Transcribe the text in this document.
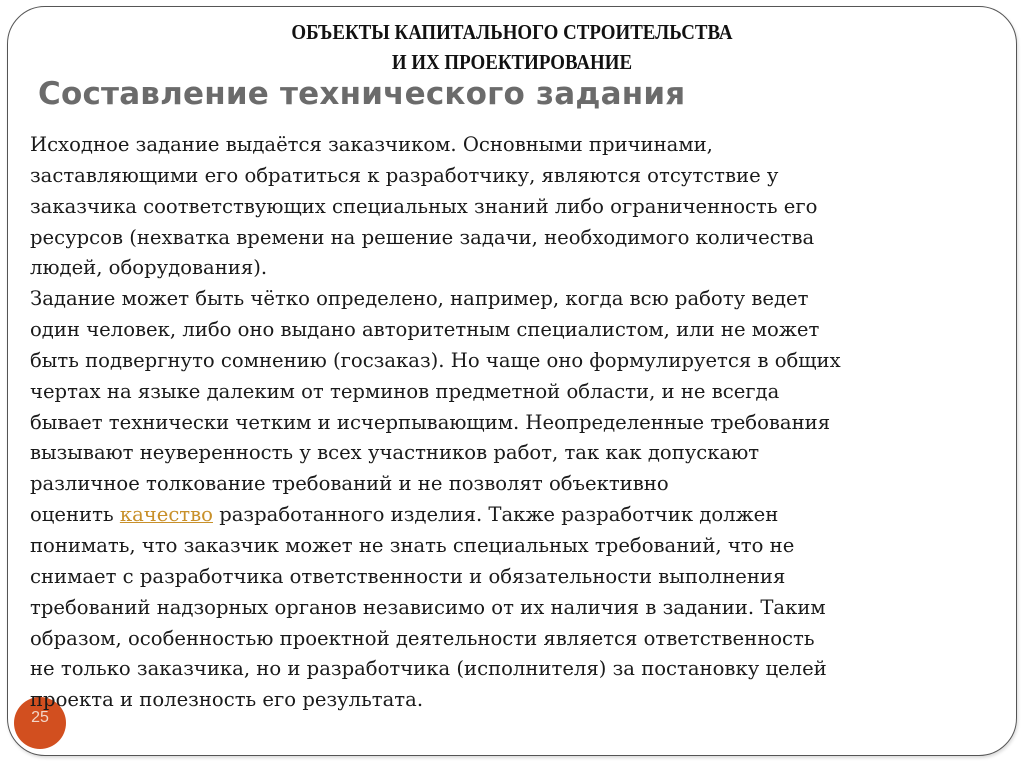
ОБЪЕКТЫ КАПИТАЛЬНОГО СТРОИТЕЛЬСТВА
И ИХ ПРОЕКТИРОВАНИЕ
Составление технического задания
25
Исходное задание выдаётся заказчиком. Основными причинами,
заставляющими его обратиться к разработчику, являются отсутствие у
заказчика соответствующих специальных знаний либо ограниченность его
ресурсов (нехватка времени на решение задачи, необходимого количества
людей, оборудования).
Задание может быть чётко определено, например, когда всю работу ведет
один человек, либо оно выдано авторитетным специалистом, или не может
быть подвергнуто сомнению (госзаказ). Но чаще оно формулируется в общих
чертах на языке далеким от терминов предметной области, и не всегда
бывает технически четким и исчерпывающим. Неопределенные требования
вызывают неуверенность у всех участников работ, так как допускают
различное толкование требований и не позволят объективно
оценить качество разработанного изделия. Также разработчик должен
понимать, что заказчик может не знать специальных требований, что не
снимает с разработчика ответственности и обязательности выполнения
требований надзорных органов независимо от их наличия в задании. Таким
образом, особенностью проектной деятельности является ответственность
не только заказчика, но и разработчика (исполнителя) за постановку целей
проекта и полезность его результата.
